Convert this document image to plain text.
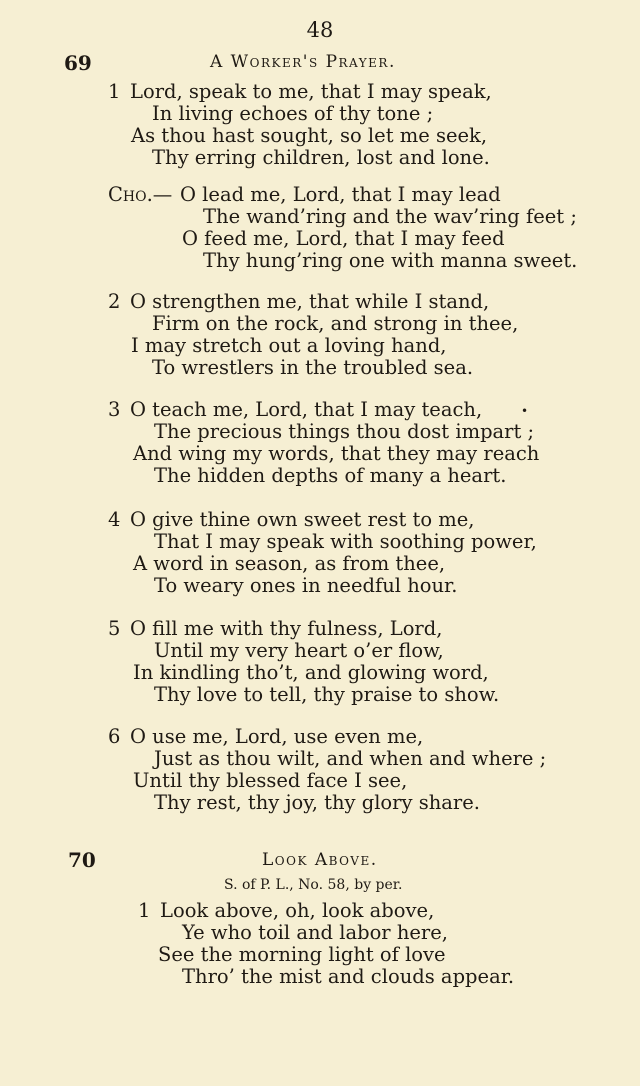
48
69	A Worker's Prayer.
1 Lord, speak to me, that I may speak,
In living echoes of thy tone ;
As thou hast sought, so let me seek,
Thy erring children, lost and lone.
Cho.— O lead me, Lord, that I may lead
The wand’ring and the wav’ring feet ;
O feed me, Lord, that I may feed
Thy hung’ring one with manna sweet.
2 O strengthen me, that while I stand,
Firm on the rock, and strong in thee,
I may stretch out a loving hand,
To wrestlers in the troubled sea.
3 O teach me, Lord, that I may teach,	•
The precious things thou dost impart ;
And wing my words, that they may reach
The hidden depths of many a heart.
4 O give thine own sweet rest to me,
That I may speak with soothing power,
A word in season, as from thee,
To weary ones in needful hour.
5 O fill me with thy fulness, Lord,
Until my very heart o’er flow,
In kindling tho’t, and glowing word,
Thy love to tell, thy praise to show.
6 O use me, Lord, use even me,
Just as thou wilt, and when and where ;
Until thy blessed face I see,
Thy rest, thy joy, thy glory share.
70	Look Above.
S. of P. L., No. 58, by per.
1 Look above, oh, look above,
Ye who toil and labor here,
See the morning light of love
Thro’ the mist and clouds appear.
